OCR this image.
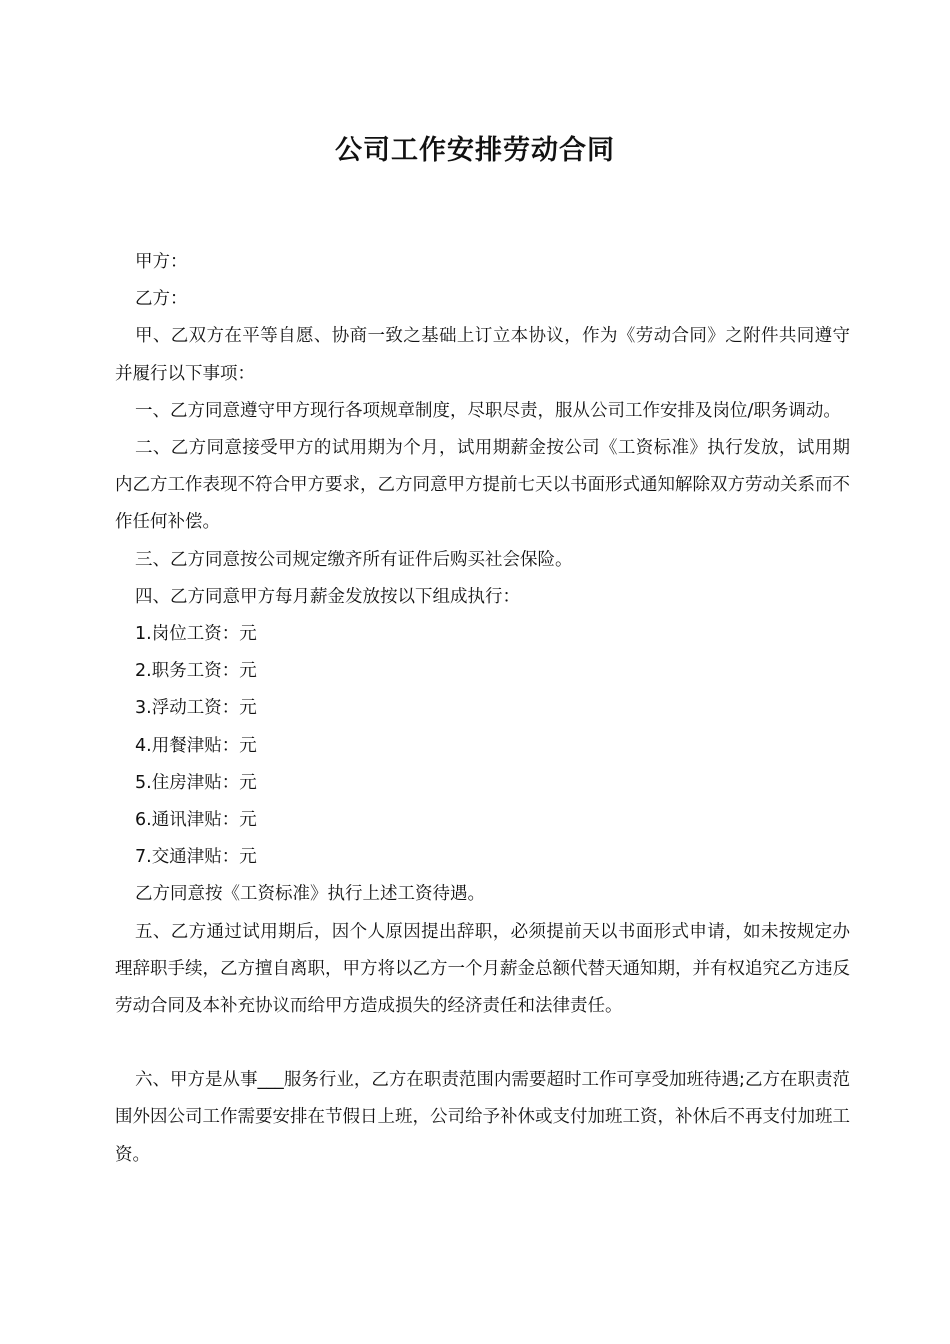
公司工作安排劳动合同

甲方：

乙方：

甲、乙双方在平等自愿、协商一致之基础上订立本协议，作为《劳动合同》之附件共同遵守并履行以下事项：

一、乙方同意遵守甲方现行各项规章制度，尽职尽责，服从公司工作安排及岗位/职务调动。

二、乙方同意接受甲方的试用期为个月，试用期薪金按公司《工资标准》执行发放，试用期内乙方工作表现不符合甲方要求，乙方同意甲方提前七天以书面形式通知解除双方劳动关系而不作任何补偿。

三、乙方同意按公司规定缴齐所有证件后购买社会保险。

四、乙方同意甲方每月薪金发放按以下组成执行：

1.岗位工资：元

2.职务工资：元

3.浮动工资：元

4.用餐津贴：元

5.住房津贴：元

6.通讯津贴：元

7.交通津贴：元

乙方同意按《工资标准》执行上述工资待遇。

五、乙方通过试用期后，因个人原因提出辞职，必须提前天以书面形式申请，如未按规定办理辞职手续，乙方擅自离职，甲方将以乙方一个月薪金总额代替天通知期，并有权追究乙方违反劳动合同及本补充协议而给甲方造成损失的经济责任和法律责任。

六、甲方是从事___服务行业，乙方在职责范围内需要超时工作可享受加班待遇;乙方在职责范围外因公司工作需要安排在节假日上班，公司给予补休或支付加班工资，补休后不再支付加班工资。
